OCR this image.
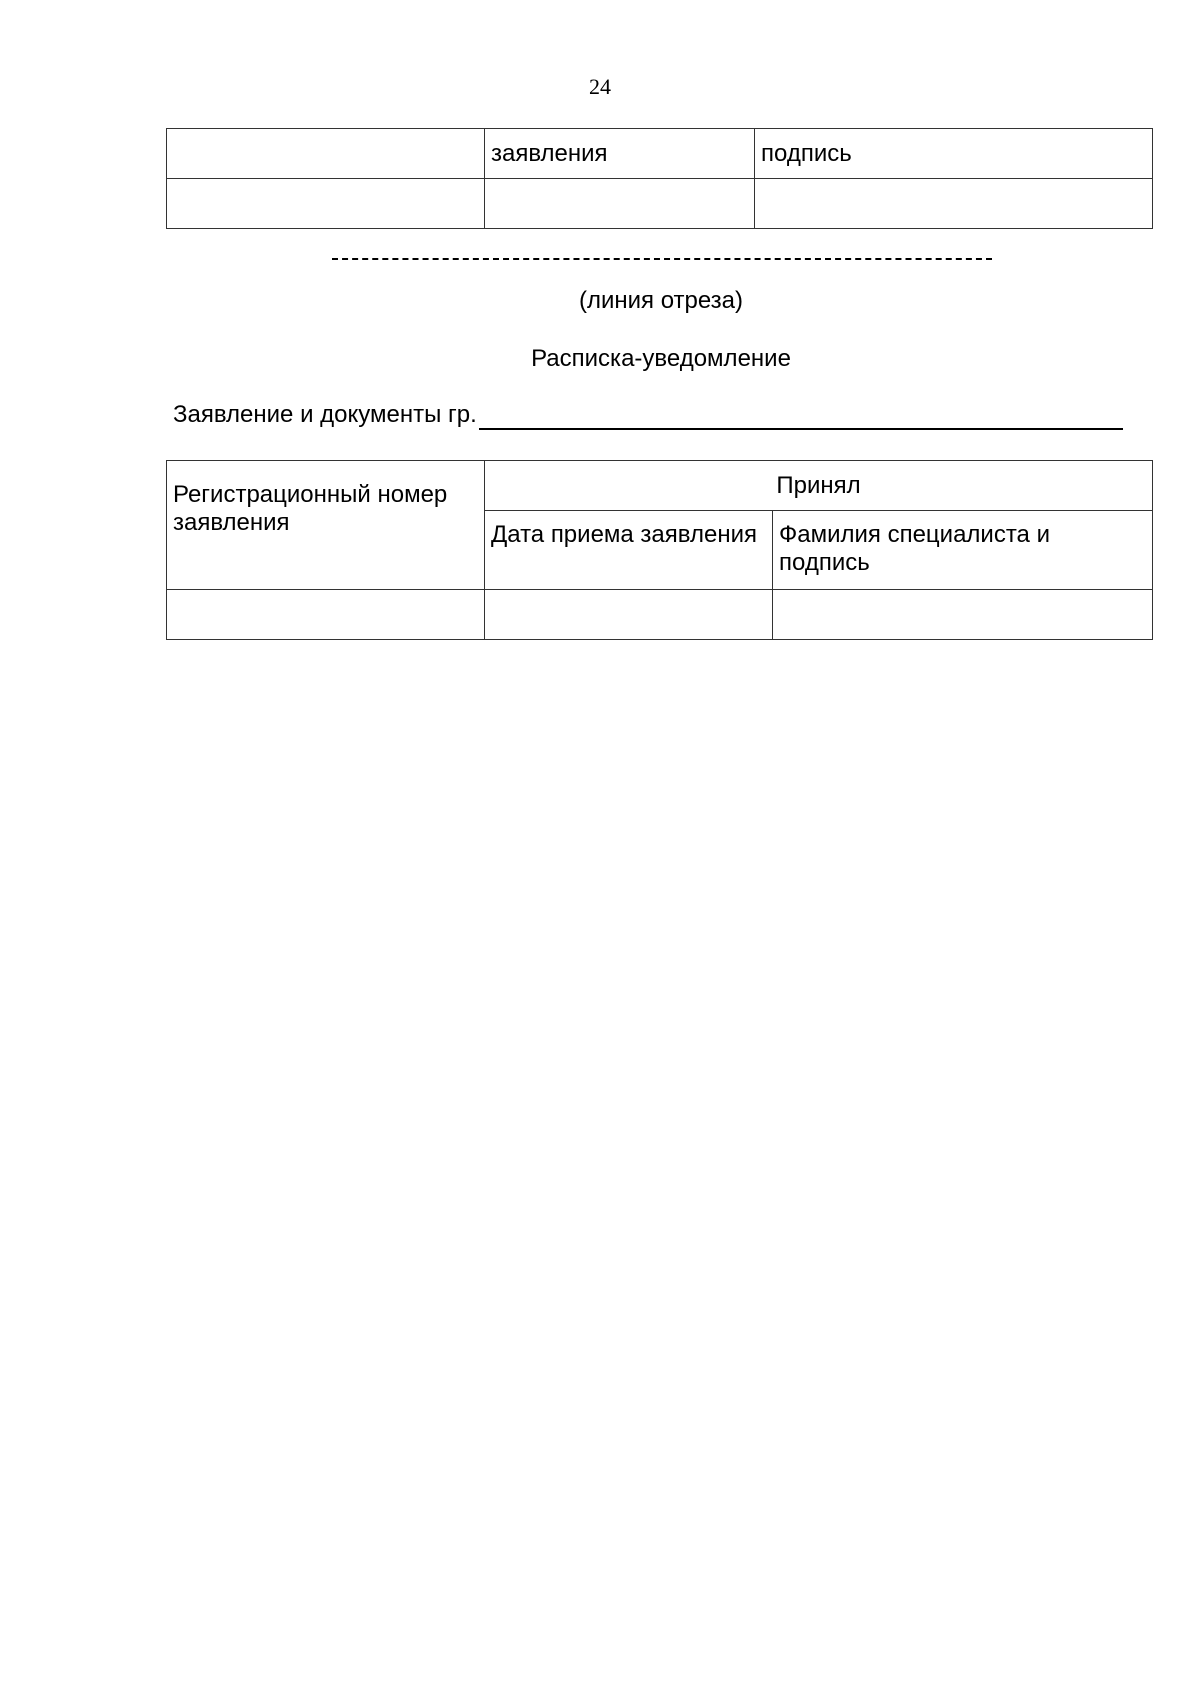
24
	заявления	подпись

(линия отреза)
Расписка-уведомление
Заявление и документы гр.
Регистрационный номер заявления	Принял	
	Дата приема заявления	Фамилия специалиста и подпись
